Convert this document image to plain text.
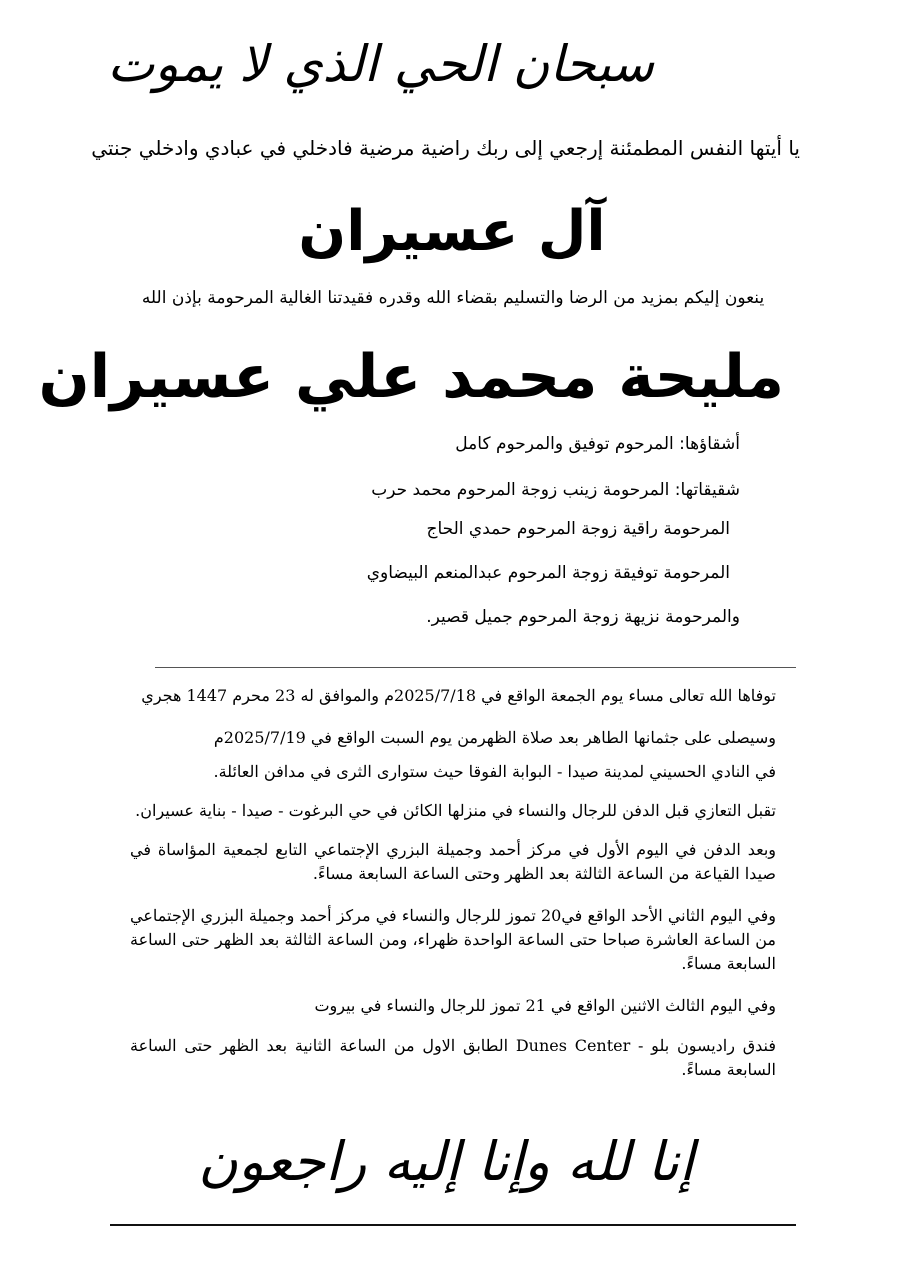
سبحان الحي الذي لا يموت
يا أيتها النفس المطمئنة إرجعي إلى ربك راضية مرضية فادخلي في عبادي وادخلي جنتي
آل عسيران
ينعون إليكم بمزيد من الرضا والتسليم بقضاء الله وقدره فقيدتنا الغالية المرحومة بإذن الله
مليحة محمد علي عسيران
أشقاؤها: المرحوم توفيق والمرحوم كامل
شقيقاتها: المرحومة زينب زوجة المرحوم محمد حرب
المرحومة راقية زوجة المرحوم حمدي الحاج
المرحومة توفيقة زوجة المرحوم عبدالمنعم البيضاوي
والمرحومة نزيهة زوجة المرحوم جميل قصير.
توفاها الله تعالى مساء يوم الجمعة الواقع في 2025/7/18م والموافق له 23 محرم 1447 هجري
وسيصلى على جثمانها الطاهر بعد صلاة الظهرمن يوم السبت الواقع في 2025/7/19م
في النادي الحسيني لمدينة صيدا - البوابة الفوقا حيث ستوارى الثرى في مدافن العائلة.
تقبل التعازي قبل الدفن للرجال والنساء في منزلها الكائن في حي البرغوت - صيدا - بناية عسيران.
وبعد الدفن في اليوم الأول في مركز أحمد وجميلة البزري الإجتماعي التابع لجمعية المؤاساة في صيدا القياعة من الساعة الثالثة بعد الظهر وحتى الساعة السابعة مساءً.
وفي اليوم الثاني الأحد الواقع في20 تموز للرجال والنساء في مركز أحمد وجميلة البزري الإجتماعي من الساعة العاشرة صباحا حتى الساعة الواحدة ظهراء، ومن الساعة الثالثة بعد الظهر حتى الساعة السابعة مساءً.
وفي اليوم الثالث الاثنين الواقع في 21 تموز للرجال والنساء في بيروت
فندق راديسون بلو - Dunes Center الطابق الاول من الساعة الثانية بعد الظهر حتى الساعة السابعة مساءً.
إنا لله وإنا إليه راجعون
